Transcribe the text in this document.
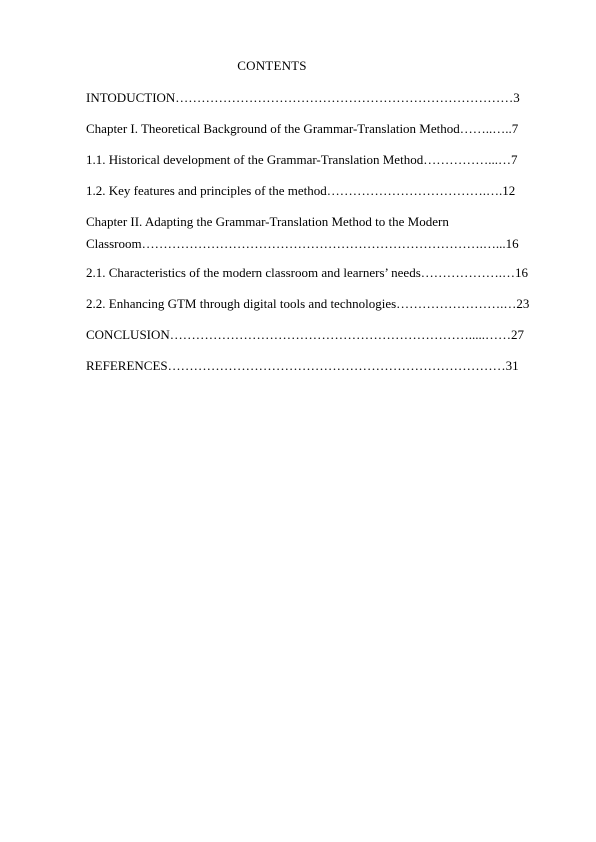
CONTENTS
INTODUCTION……………………………………………………………………3
Chapter I. Theoretical Background of the Grammar-Translation Method……..…..7
1.1. Historical development of the Grammar-Translation Method……………...…7
1.2. Key features and principles of the method……………………………….….12
Chapter II. Adapting the Grammar-Translation Method to the Modern
Classroom…………………………………………………………………….…...16
2.1. Characteristics of the modern classroom and learners’ needs……………….…16
2.2. Enhancing GTM through digital tools and technologies…………………….…23
CONCLUSION…………………………………………………………….....……27
REFERENCES……………………………………………………………………31
